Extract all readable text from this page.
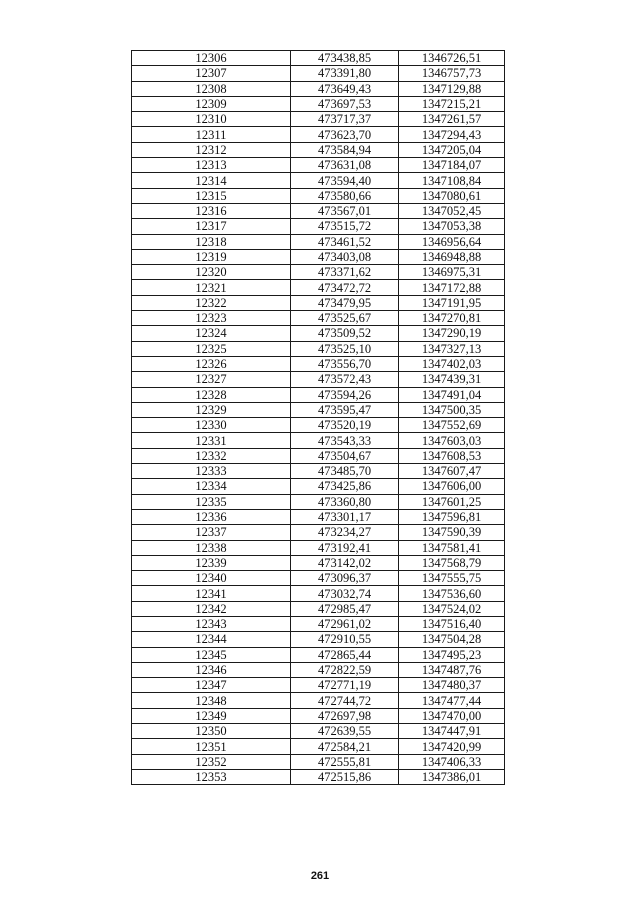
12306	473438,85	1346726,51
12307	473391,80	1346757,73
12308	473649,43	1347129,88
12309	473697,53	1347215,21
12310	473717,37	1347261,57
12311	473623,70	1347294,43
12312	473584,94	1347205,04
12313	473631,08	1347184,07
12314	473594,40	1347108,84
12315	473580,66	1347080,61
12316	473567,01	1347052,45
12317	473515,72	1347053,38
12318	473461,52	1346956,64
12319	473403,08	1346948,88
12320	473371,62	1346975,31
12321	473472,72	1347172,88
12322	473479,95	1347191,95
12323	473525,67	1347270,81
12324	473509,52	1347290,19
12325	473525,10	1347327,13
12326	473556,70	1347402,03
12327	473572,43	1347439,31
12328	473594,26	1347491,04
12329	473595,47	1347500,35
12330	473520,19	1347552,69
12331	473543,33	1347603,03
12332	473504,67	1347608,53
12333	473485,70	1347607,47
12334	473425,86	1347606,00
12335	473360,80	1347601,25
12336	473301,17	1347596,81
12337	473234,27	1347590,39
12338	473192,41	1347581,41
12339	473142,02	1347568,79
12340	473096,37	1347555,75
12341	473032,74	1347536,60
12342	472985,47	1347524,02
12343	472961,02	1347516,40
12344	472910,55	1347504,28
12345	472865,44	1347495,23
12346	472822,59	1347487,76
12347	472771,19	1347480,37
12348	472744,72	1347477,44
12349	472697,98	1347470,00
12350	472639,55	1347447,91
12351	472584,21	1347420,99
12352	472555,81	1347406,33
12353	472515,86	1347386,01
261
